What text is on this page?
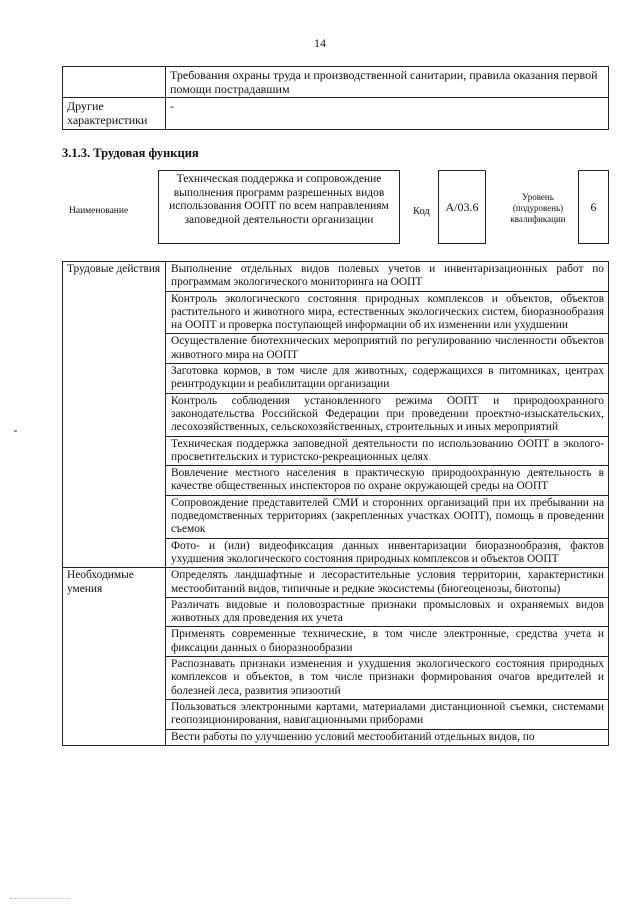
14
	Требования охраны труда и производственной санитарии, правила оказания первой помощи пострадавшим
Другие характеристики	-
3.1.3. Трудовая функция
Наименование
Техническая поддержка и сопровождение выполнения программ разрешенных видов использования ООПТ по всем направлениям заповедной деятельности организации
Код	A/03.6
Уровень (подуровень) квалификации
6
Трудовые действия	Выполнение отдельных видов полевых учетов и инвентаризационных работ по программам экологического мониторинга на ООПТ
	Контроль экологического состояния природных комплексов и объектов, объектов растительного и животного мира, естественных экологических систем, биоразнообразия на ООПТ и проверка поступающей информации об их изменении или ухудшении
	Осуществление биотехнических мероприятий по регулированию численности объектов животного мира на ООПТ
	Заготовка кормов, в том числе для животных, содержащихся в питомниках, центрах реинтродукции и реабилитации организации
	Контроль соблюдения установленного режима ООПТ и природоохранного законодательства Российской Федерации при проведении проектно-изыскательских, лесохозяйственных, сельскохозяйственных, строительных и иных мероприятий
	Техническая поддержка заповедной деятельности по использованию ООПТ в эколого-просветительских и туристско-рекреационных целях
	Вовлечение местного населения в практическую природоохранную деятельность в качестве общественных инспекторов по охране окружающей среды на ООПТ
	Сопровождение представителей СМИ и сторонних организаций при их пребывании на подведомственных территориях (закрепленных участках ООПТ), помощь в проведении съемок
	Фото- и (или) видеофиксация данных инвентаризации биоразнообразия, фактов ухудшения экологического состояния природных комплексов и объектов ООПТ
Необходимые умения	Определять ландшафтные и лесорастительные условия территории, характеристики местообитаний видов, типичные и редкие экосистемы (биогеоценозы, биотопы)
	Различать видовые и половозрастные признаки промысловых и охраняемых видов животных для проведения их учета
	Применять современные технические, в том числе электронные, средства учета и фиксации данных о биоразнообразии
	Распознавать признаки изменения и ухудшения экологического состояния природных комплексов и объектов, в том числе признаки формирования очагов вредителей и болезней леса, развития эпизоотий
	Пользоваться электронными картами, материалами дистанционной съемки, системами геопозиционирования, навигационными приборами
	Вести работы по улучшению условий местообитаний отдельных видов, по
